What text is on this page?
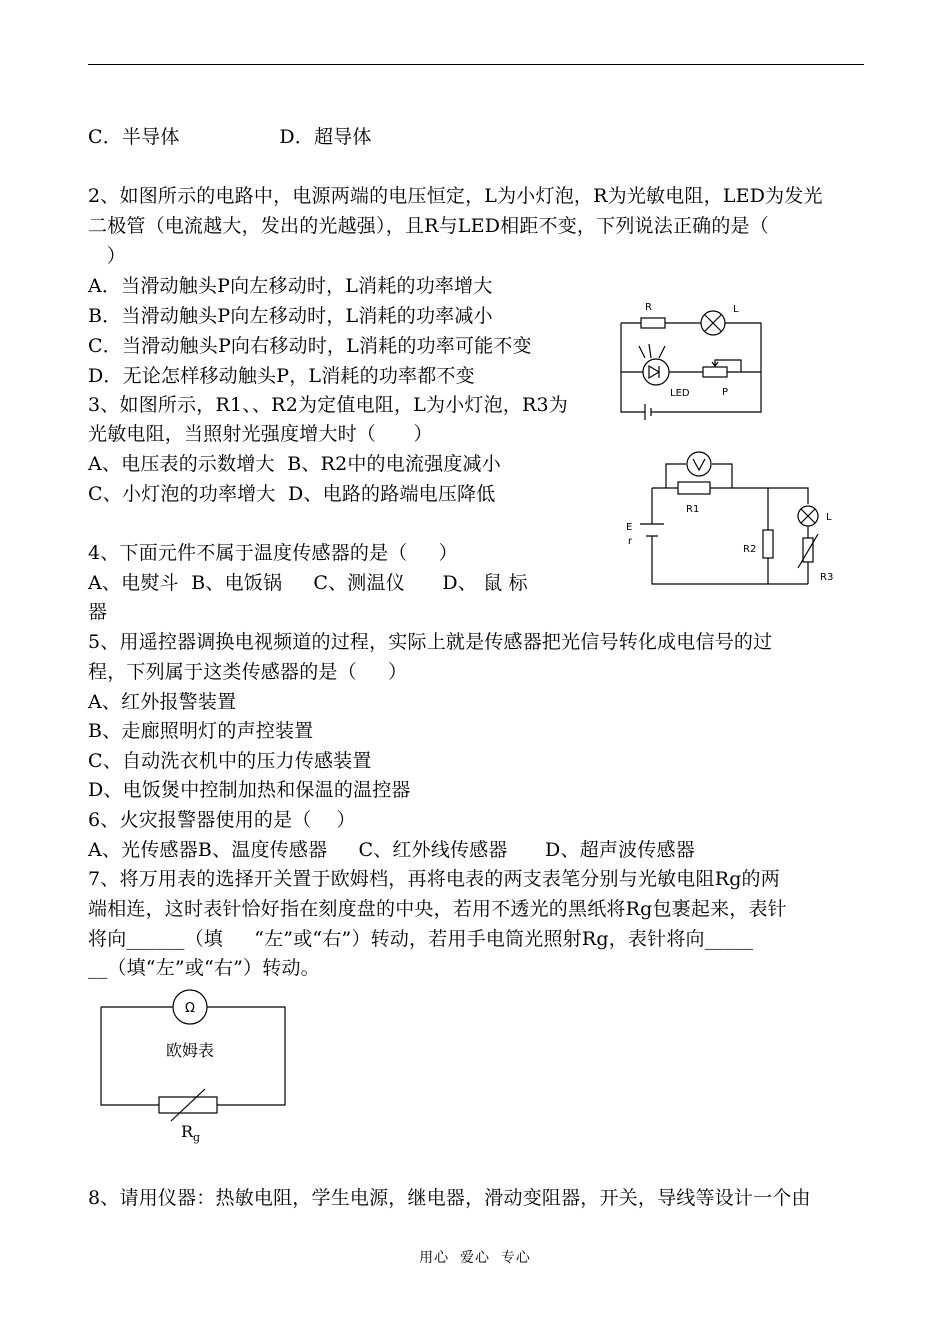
C．半导体                D．超导体
2、如图所示的电路中，电源两端的电压恒定，L为小灯泡，R为光敏电阻，LED为发光
二极管（电流越大，发出的光越强），且R与LED相距不变，下列说法正确的是（
）
A．当滑动触头P向左移动时，L消耗的功率增大
B．当滑动触头P向左移动时，L消耗的功率减小
C．当滑动触头P向右移动时，L消耗的功率可能不变
D．无论怎样移动触头P，L消耗的功率都不变
3、如图所示，R1、、R2为定值电阻，L为小灯泡，R3为
光敏电阻，当照射光强度增大时（      ）
A、电压表的示数增大  B、R2中的电流强度减小
C、小灯泡的功率增大  D、电路的路端电压降低
4、下面元件不属于温度传感器的是（     ）
A、电熨斗  B、电饭锅     C、测温仪      D、 鼠 标
器
5、用遥控器调换电视频道的过程，实际上就是传感器把光信号转化成电信号的过
程，下列属于这类传感器的是（     ）
A、红外报警装置
B、走廊照明灯的声控装置
C、自动洗衣机中的压力传感装置
D、电饭煲中控制加热和保温的温控器
6、火灾报警器使用的是（    ）
A、光传感器B、温度传感器     C、红外线传感器      D、超声波传感器
7、将万用表的选择开关置于欧姆档，再将电表的两支表笔分别与光敏电阻Rg的两
端相连，这时表针恰好指在刻度盘的中央，若用不透光的黑纸将Rg包裹起来，表针
将向______（填     “左”或“右”）转动，若用手电筒光照射Rg，表针将向_____
__（填“左”或“右”）转动。
8、请用仪器：热敏电阻，学生电源，继电器，滑动变阻器，开关，导线等设计一个由
R	L
LED	P
E
r
R1
R2
R3
L
Ω
欧姆表
$R_g$
用心  爱心  专心
